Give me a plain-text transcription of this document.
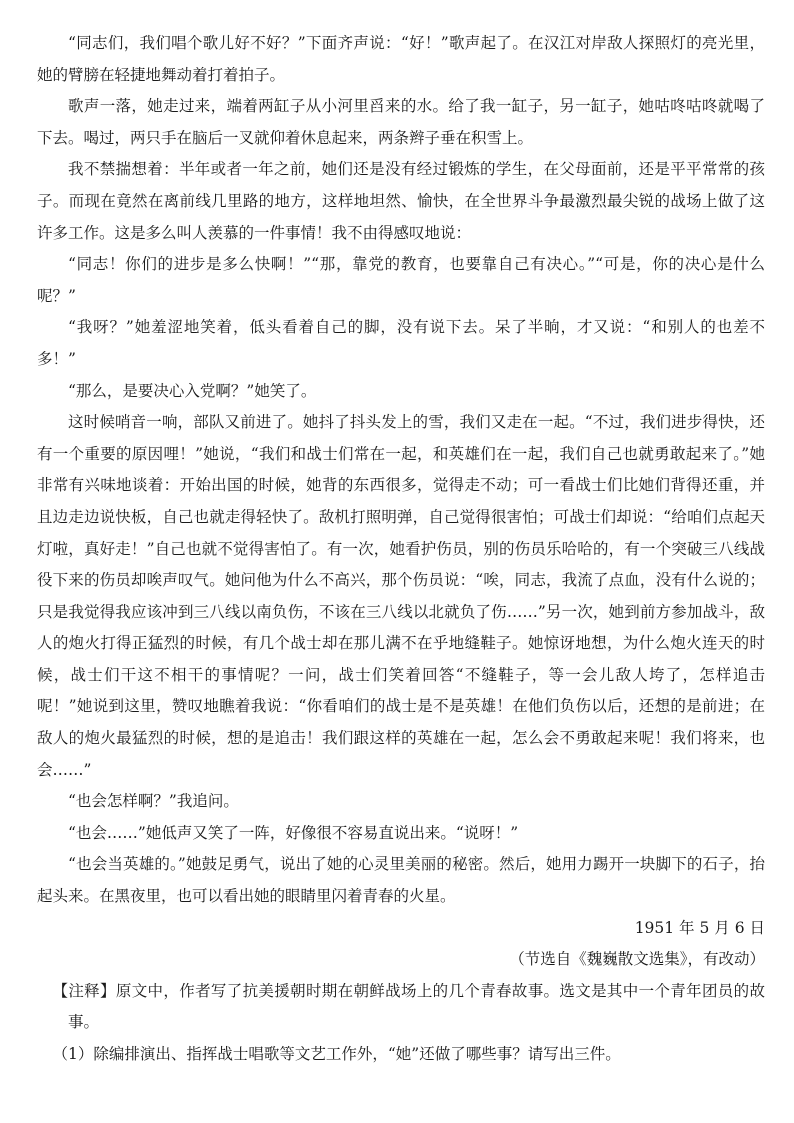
“同志们，我们唱个歌儿好不好？”下面齐声说：“好！”歌声起了。在汉江对岸敌人探照灯的亮光里，她的臂膀在轻捷地舞动着打着拍子。

歌声一落，她走过来，端着两缸子从小河里舀来的水。给了我一缸子，另一缸子，她咕咚咕咚就喝了下去。喝过，两只手在脑后一叉就仰着休息起来，两条辫子垂在积雪上。

我不禁揣想着：半年或者一年之前，她们还是没有经过锻炼的学生，在父母面前，还是平平常常的孩子。而现在竟然在离前线几里路的地方，这样地坦然、愉快，在全世界斗争最激烈最尖锐的战场上做了这许多工作。这是多么叫人羡慕的一件事情！我不由得感叹地说：

“同志！你们的进步是多么快啊！”“那，靠党的教育，也要靠自己有决心。”“可是，你的决心是什么呢？”

“我呀？”她羞涩地笑着，低头看着自己的脚，没有说下去。呆了半晌，才又说：“和别人的也差不多！”

“那么，是要决心入党啊？”她笑了。

这时候哨音一响，部队又前进了。她抖了抖头发上的雪，我们又走在一起。“不过，我们进步得快，还有一个重要的原因哩！”她说，“我们和战士们常在一起，和英雄们在一起，我们自己也就勇敢起来了。”她非常有兴味地谈着：开始出国的时候，她背的东西很多，觉得走不动；可一看战士们比她们背得还重，并且边走边说快板，自己也就走得轻快了。敌机打照明弹，自己觉得很害怕；可战士们却说：“给咱们点起天灯啦，真好走！”自己也就不觉得害怕了。有一次，她看护伤员，别的伤员乐哈哈的，有一个突破三八线战役下来的伤员却唉声叹气。她问他为什么不高兴，那个伤员说：“唉，同志，我流了点血，没有什么说的；只是我觉得我应该冲到三八线以南负伤，不该在三八线以北就负了伤……”另一次，她到前方参加战斗，敌人的炮火打得正猛烈的时候，有几个战士却在那儿满不在乎地缝鞋子。她惊讶地想，为什么炮火连天的时候，战士们干这不相干的事情呢？一问，战士们笑着回答“不缝鞋子，等一会儿敌人垮了，怎样追击呢！”她说到这里，赞叹地瞧着我说：“你看咱们的战士是不是英雄！在他们负伤以后，还想的是前进；在敌人的炮火最猛烈的时候，想的是追击！我们跟这样的英雄在一起，怎么会不勇敢起来呢！我们将来，也会……”

“也会怎样啊？”我追问。

“也会……”她低声又笑了一阵，好像很不容易直说出来。“说呀！”

“也会当英雄的。”她鼓足勇气，说出了她的心灵里美丽的秘密。然后，她用力踢开一块脚下的石子，抬起头来。在黑夜里，也可以看出她的眼睛里闪着青春的火星。

1951 年 5 月 6 日

（节选自《魏巍散文选集》，有改动）

【注释】原文中，作者写了抗美援朝时期在朝鲜战场上的几个青春故事。选文是其中一个青年团员的故事。

（1）除编排演出、指挥战士唱歌等文艺工作外，“她”还做了哪些事？请写出三件。
